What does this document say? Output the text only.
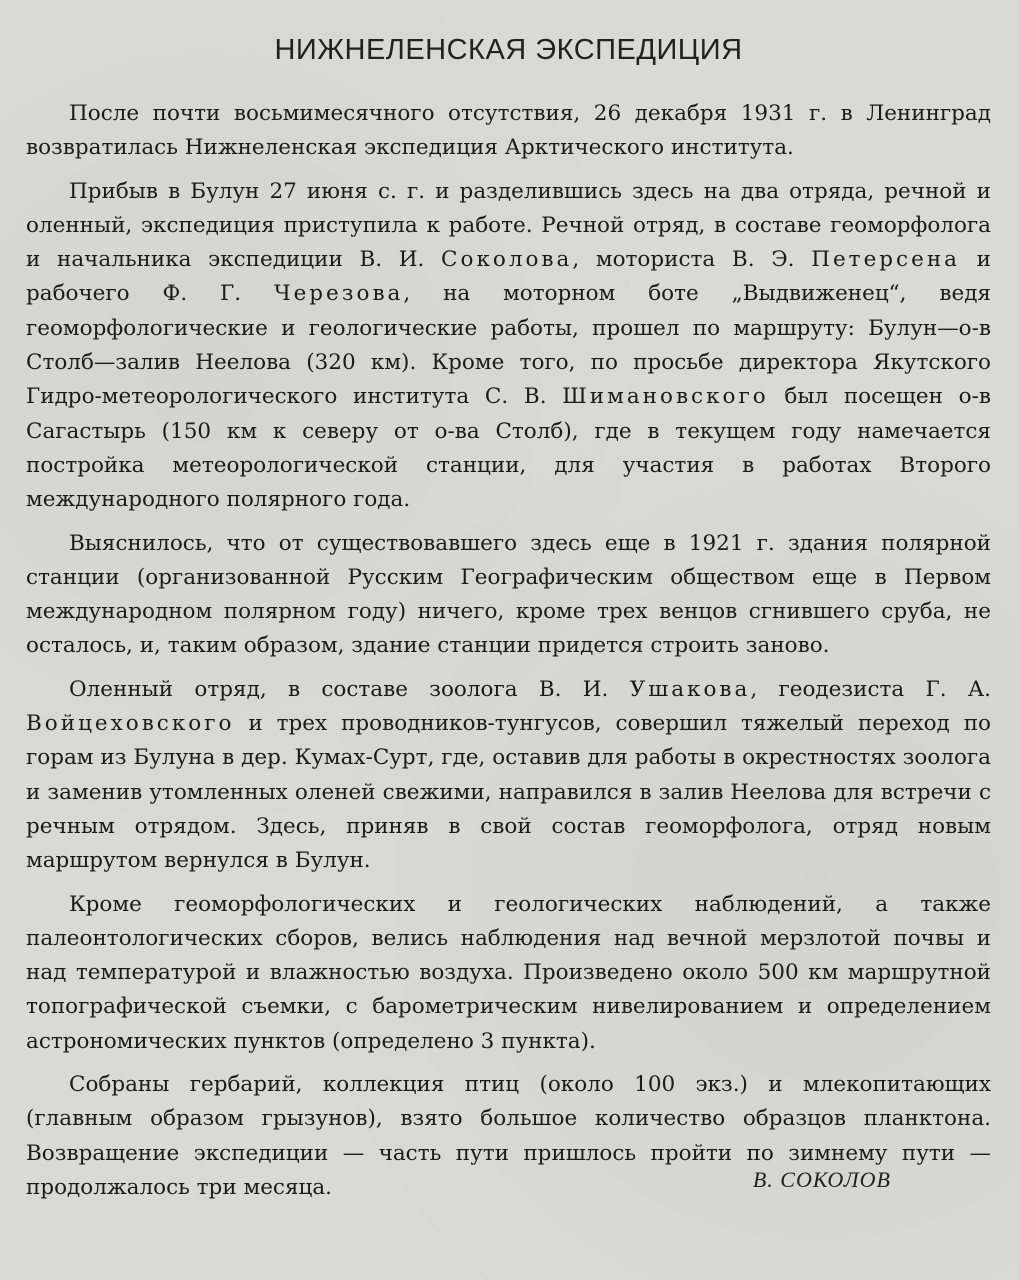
НИЖНЕЛЕНСКАЯ ЭКСПЕДИЦИЯ

После почти восьмимесячного отсутствия, 26 декабря 1931 г. в Ленинград возвратилась Нижнеленская экспедиция Арктического института.

Прибыв в Булун 27 июня с. г. и разделившись здесь на два отряда, речной и оленный, экспедиция приступила к работе. Речной отряд, в составе геоморфолога и начальника экспедиции В. И. Соколова, моториста В. Э. Петерсена и рабочего Ф. Г. Черезова, на моторном боте „Выдвиженец“, ведя геоморфологические и геологические работы, прошел по маршруту: Булун—о-в Столб—залив Неелова (320 км). Кроме того, по просьбе директора Якутского Гидро-метеорологического института С. В. Шимановского был посещен о-в Сагастырь (150 км к северу от о-ва Столб), где в текущем году намечается постройка метеорологической станции, для участия в работах Второго международного полярного года.

Выяснилось, что от существовавшего здесь еще в 1921 г. здания полярной станции (организованной Русским Географическим обществом еще в Первом международном полярном году) ничего, кроме трех венцов сгнившего сруба, не осталось, и, таким образом, здание станции придется строить заново.

Оленный отряд, в составе зоолога В. И. Ушакова, геодезиста Г. А. Войцеховского и трех проводников-тунгусов, совершил тяжелый переход по горам из Булуна в дер. Кумах-Сурт, где, оставив для работы в окрестностях зоолога и заменив утомленных оленей свежими, направился в залив Неелова для встречи с речным отрядом. Здесь, приняв в свой состав геоморфолога, отряд новым маршрутом вернулся в Булун.

Кроме геоморфологических и геологических наблюдений, а также палеонтологических сборов, велись наблюдения над вечной мерзлотой почвы и над температурой и влажностью воздуха. Произведено около 500 км маршрутной топографической съемки, с барометрическим нивелированием и определением астрономических пунктов (определено 3 пункта).

Собраны гербарий, коллекция птиц (около 100 экз.) и млекопитающих (главным образом грызунов), взято большое количество образцов планктона. Возвращение экспедиции — часть пути пришлось пройти по зимнему пути — продолжалось три месяца.	В. СОКОЛОВ
